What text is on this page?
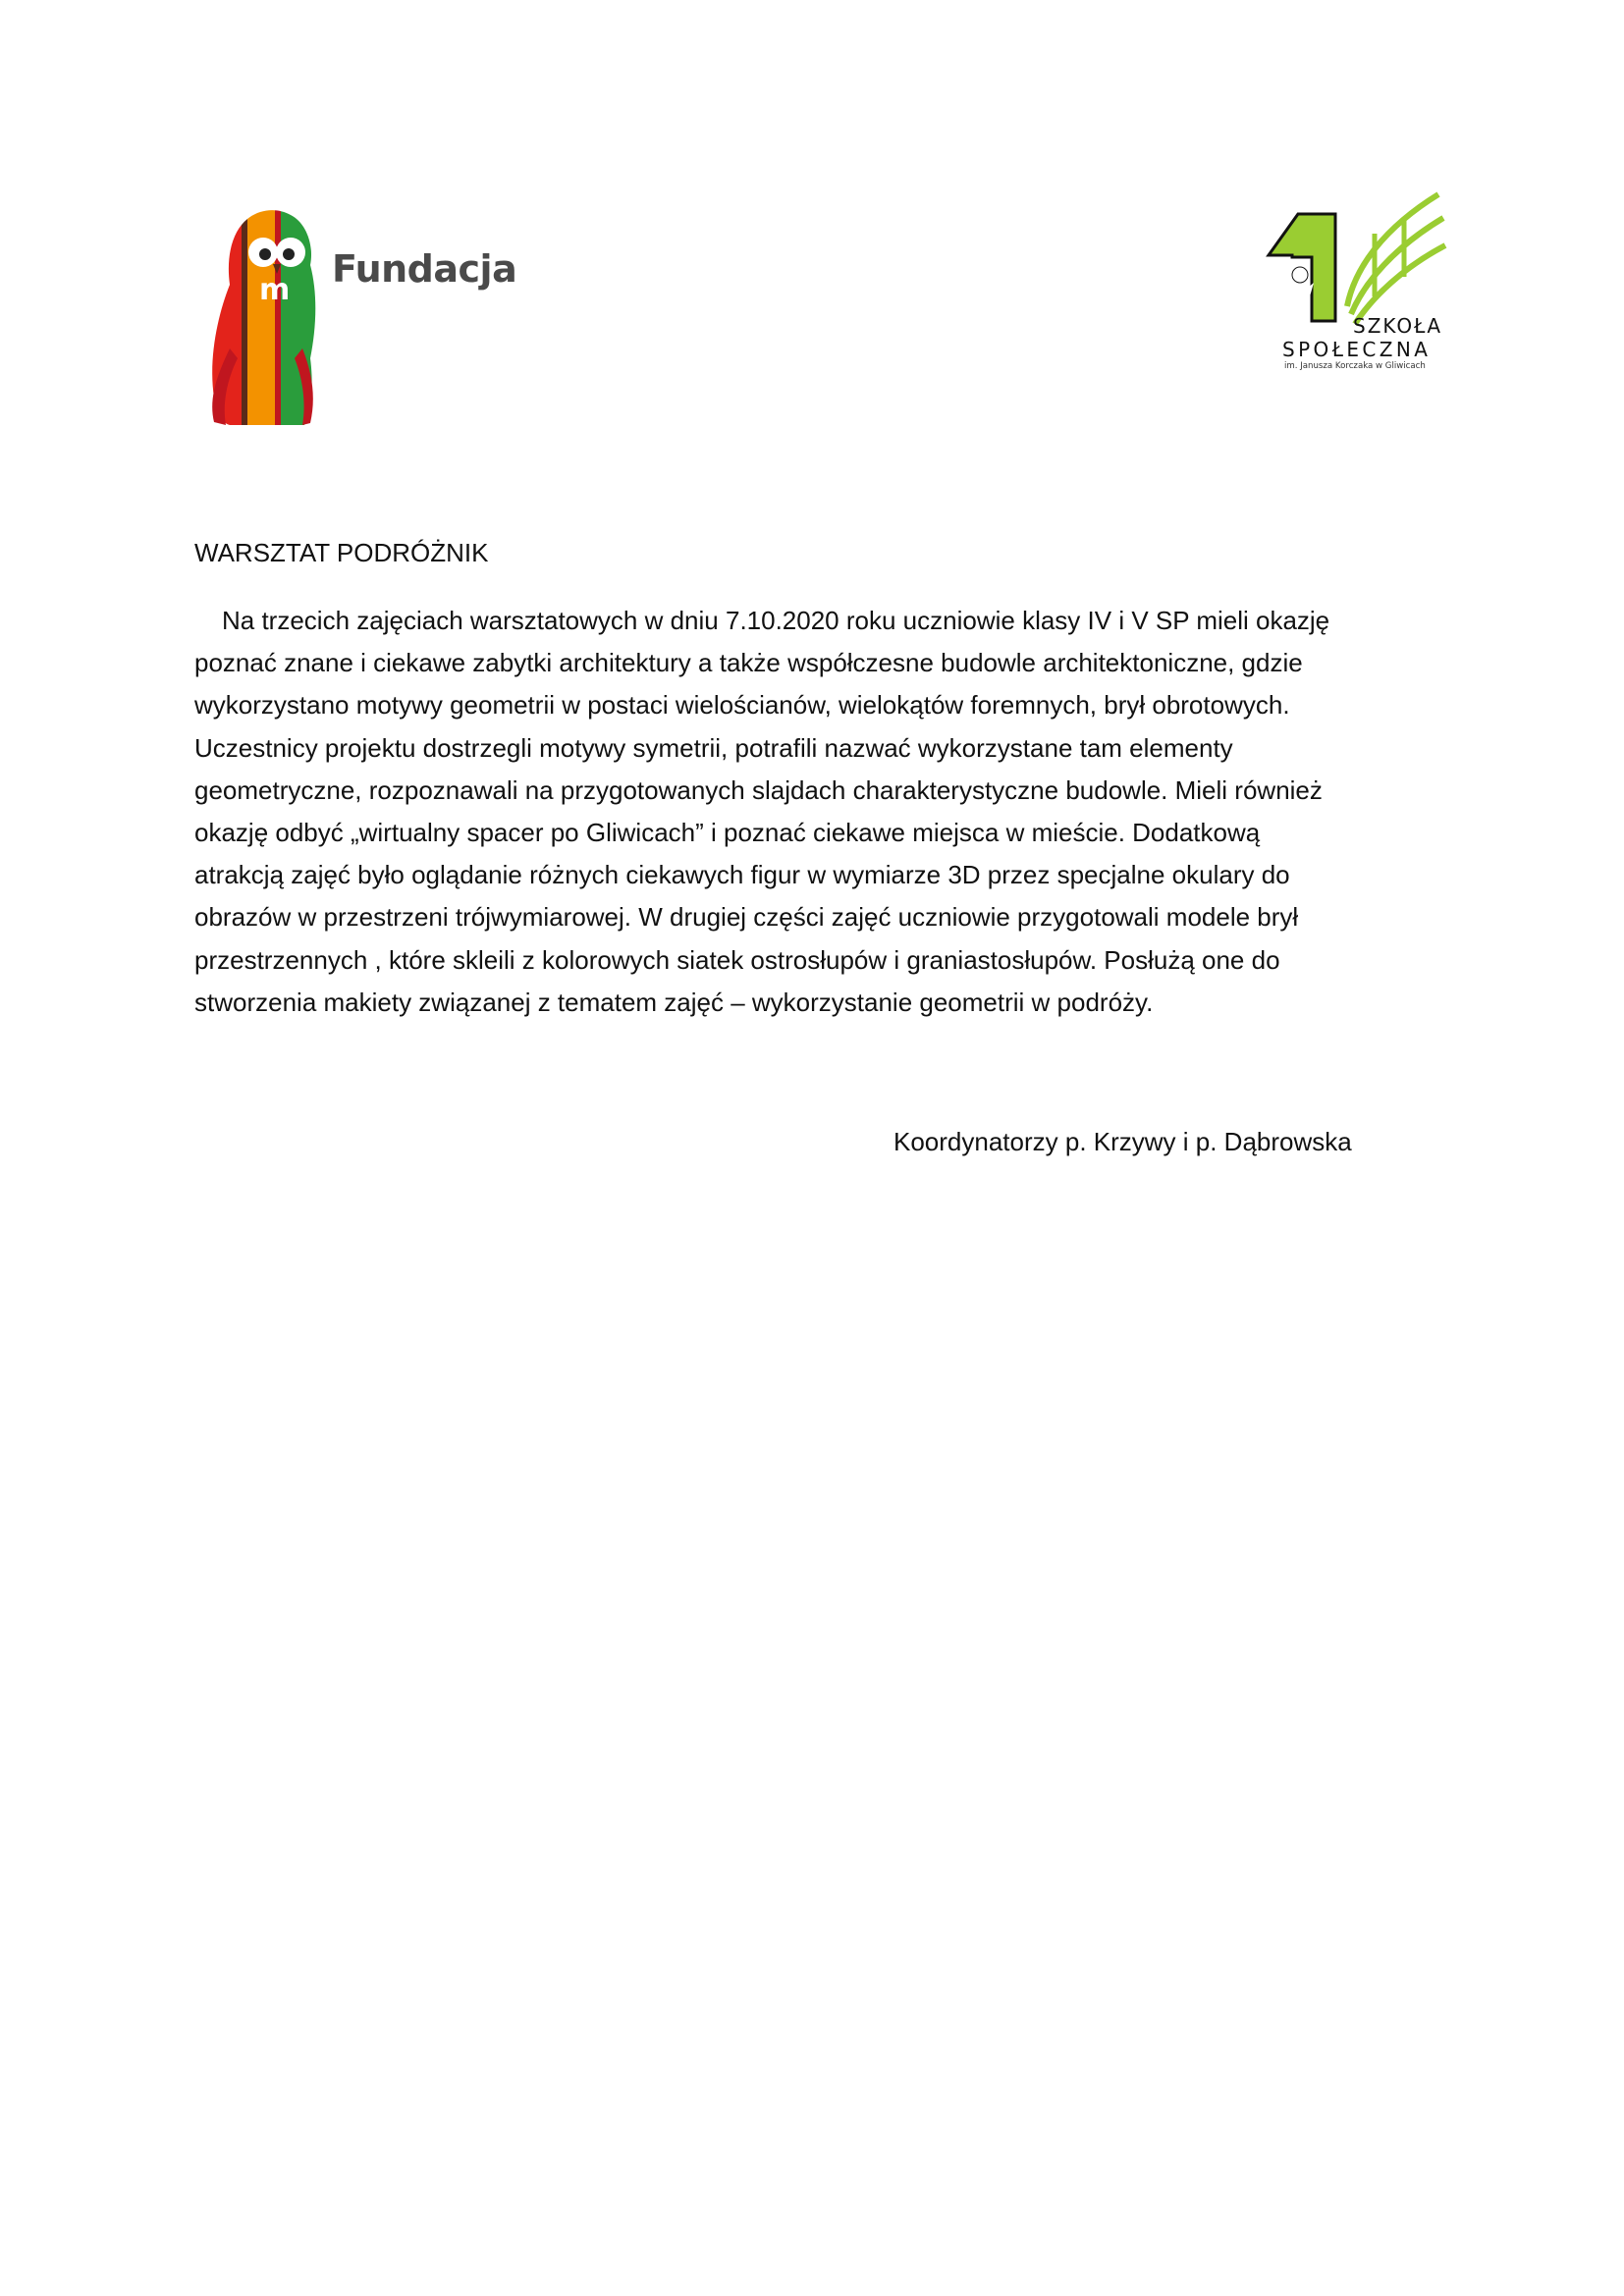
m Fundacja
SZKOŁA
SPOŁECZNA
im. Janusza Korczaka w Gliwicach
WARSZTAT PODRÓŻNIK
Na trzecich zajęciach warsztatowych w dniu 7.10.2020 roku uczniowie klasy IV i V SP mieli okazję
poznać znane i ciekawe zabytki architektury a także współczesne budowle architektoniczne, gdzie
wykorzystano motywy geometrii w postaci wielościanów, wielokątów foremnych, brył obrotowych.
Uczestnicy projektu dostrzegli motywy symetrii, potrafili nazwać wykorzystane tam elementy
geometryczne, rozpoznawali na przygotowanych slajdach charakterystyczne budowle. Mieli również
okazję odbyć „wirtualny spacer po Gliwicach” i poznać ciekawe miejsca w mieście. Dodatkową
atrakcją zajęć było oglądanie różnych ciekawych figur w wymiarze 3D przez specjalne okulary do
obrazów w przestrzeni trójwymiarowej. W drugiej części zajęć uczniowie przygotowali modele brył
przestrzennych , które skleili z kolorowych siatek ostrosłupów i graniastosłupów. Posłużą one do
stworzenia makiety związanej z tematem zajęć – wykorzystanie geometrii w podróży.
Koordynatorzy p. Krzywy i p. Dąbrowska
